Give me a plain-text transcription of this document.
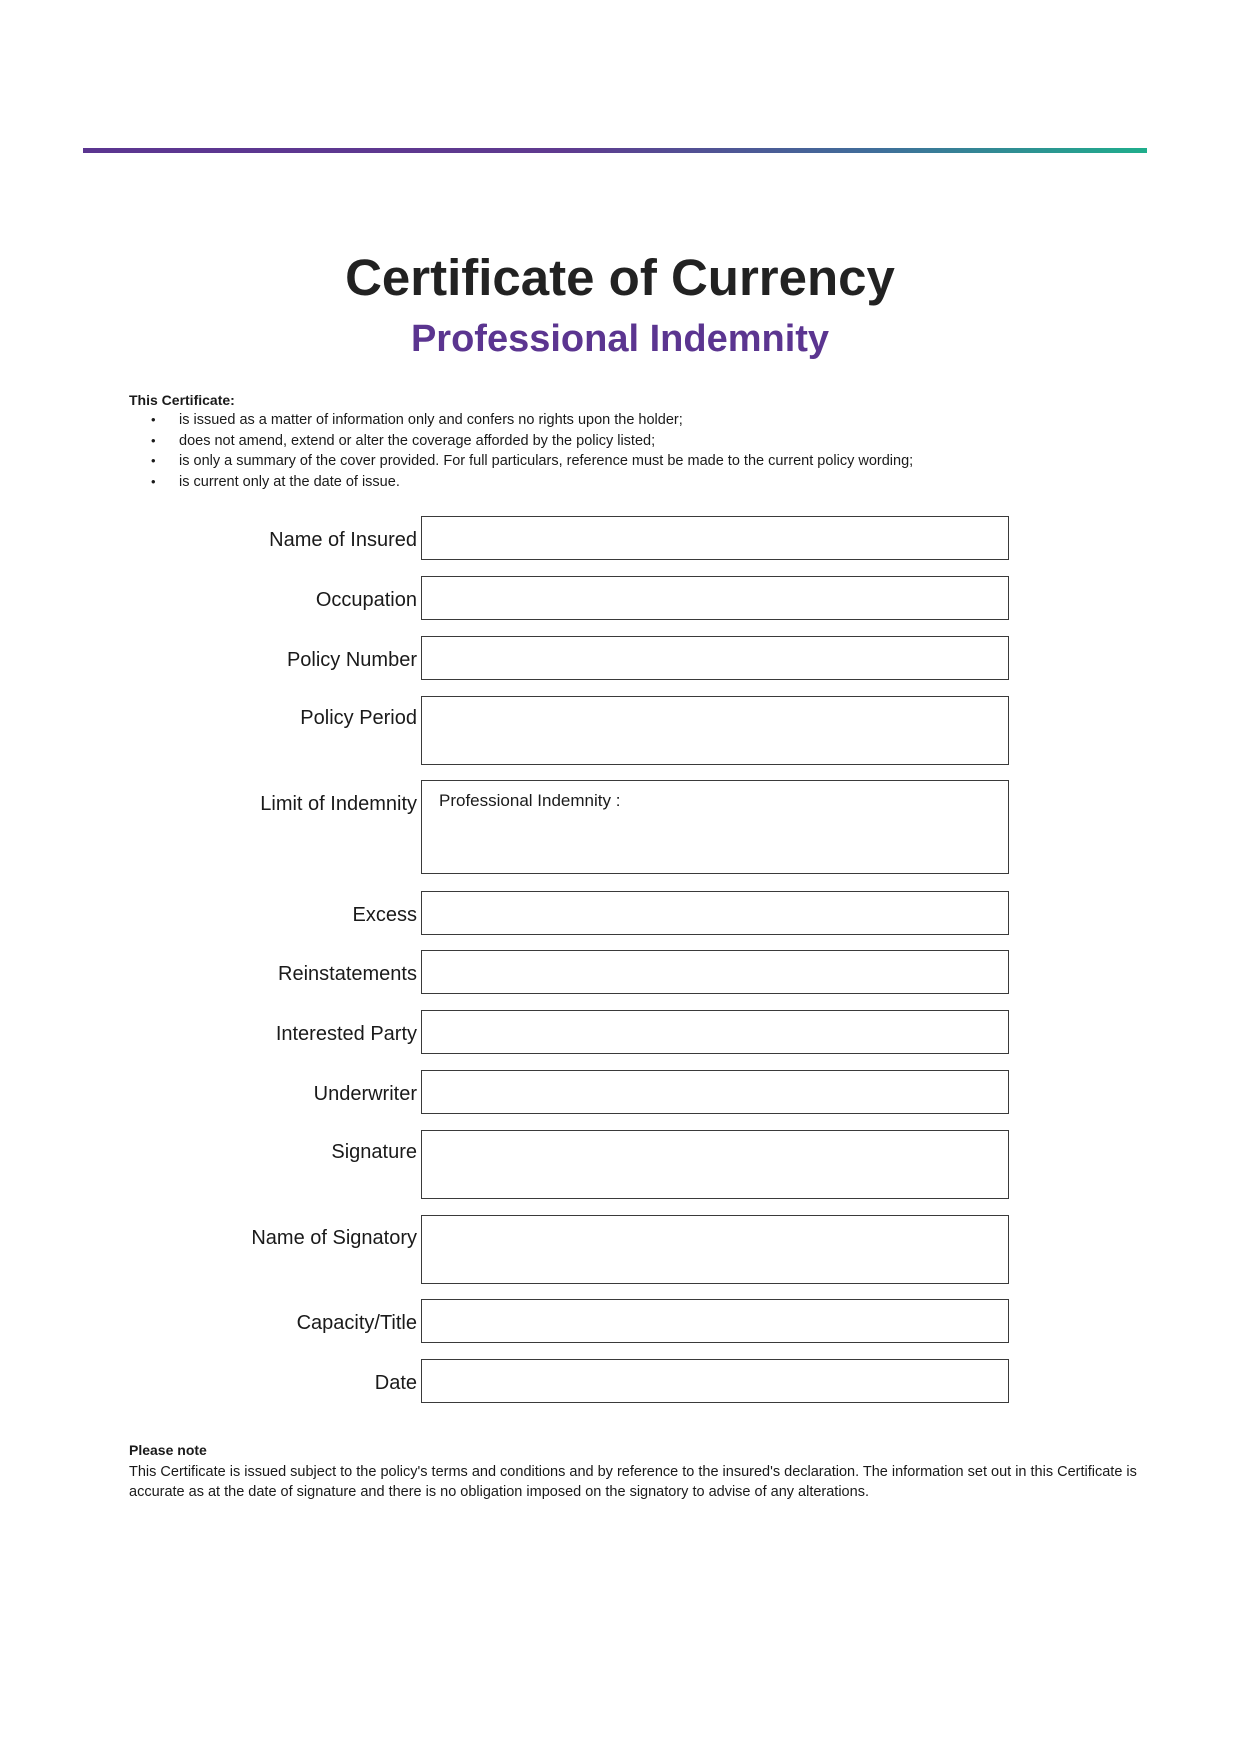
Certificate of Currency
Professional Indemnity
This Certificate:
• is issued as a matter of information only and confers no rights upon the holder;
• does not amend, extend or alter the coverage afforded by the policy listed;
• is only a summary of the cover provided. For full particulars, reference must be made to the current policy wording;
• is current only at the date of issue.
Name of Insured
Occupation
Policy Number
Policy Period
Limit of Indemnity Professional Indemnity :
Excess
Reinstatements
Interested Party
Underwriter
Signature
Name of Signatory
Capacity/Title
Date
Please note
This Certificate is issued subject to the policy's terms and conditions and by reference to the insured's declaration. The information set out in this Certificate is accurate as at the date of signature and there is no obligation imposed on the signatory to advise of any alterations.
